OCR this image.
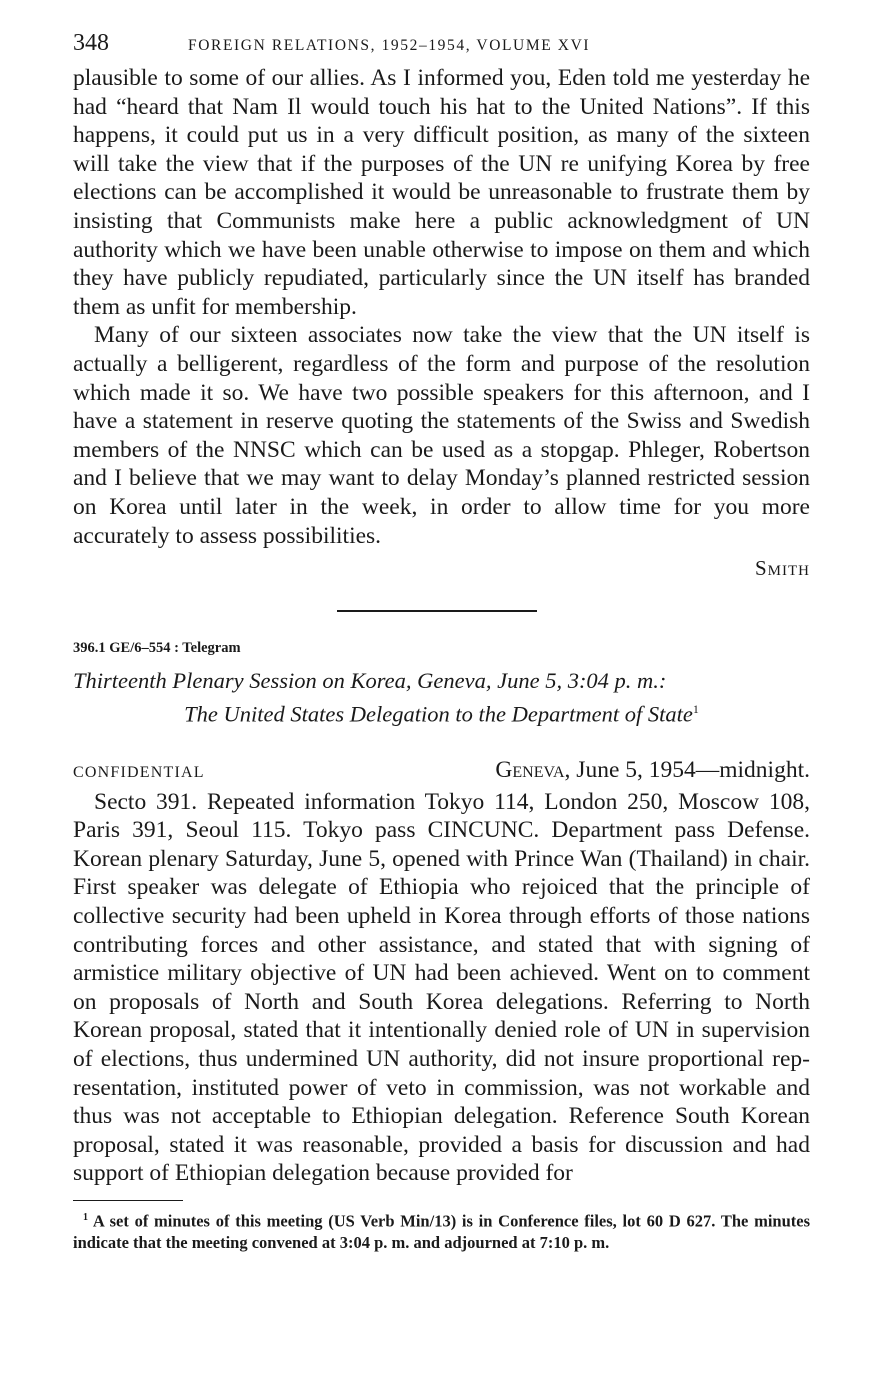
348	FOREIGN RELATIONS, 1952–1954, VOLUME XVI

plausible to some of our allies. As I informed you, Eden told me yesterday he had “heard that Nam Il would touch his hat to the United Nations”. If this happens, it could put us in a very difficult position, as many of the sixteen will take the view that if the purposes of the UN re unifying Korea by free elections can be accomplished it would be unreasonable to frustrate them by insisting that Communists make here a public acknowledgment of UN authority which we have been unable otherwise to impose on them and which they have publicly repudiated, particularly since the UN itself has branded them as unfit for membership.

Many of our sixteen associates now take the view that the UN itself is actually a belligerent, regardless of the form and purpose of the resolution which made it so. We have two possible speakers for this afternoon, and I have a statement in reserve quoting the statements of the Swiss and Swedish members of the NNSC which can be used as a stopgap. Phleger, Robertson and I believe that we may want to delay Monday’s planned restricted session on Korea until later in the week, in order to allow time for you more accurately to assess possibilities.

Smith
396.1 GE/6–554 : Telegram
Thirteenth Plenary Session on Korea, Geneva, June 5, 3:04 p. m.:
The United States Delegation to the Department of State$^1$
CONFIDENTIAL	Geneva, June 5, 1954—midnight.

Secto 391. Repeated information Tokyo 114, London 250, Moscow 108, Paris 391, Seoul 115. Tokyo pass CINCUNC. Department pass Defense. Korean plenary Saturday, June 5, opened with Prince Wan (Thailand) in chair. First speaker was delegate of Ethiopia who rejoiced that the principle of collective security had been upheld in Korea through efforts of those nations contributing forces and other assistance, and stated that with signing of armistice military objective of UN had been achieved. Went on to comment on proposals of North and South Korea delegations. Referring to North Korean proposal, stated that it intentionally denied role of UN in supervision of elections, thus undermined UN authority, did not insure proportional representation, instituted power of veto in commission, was not workable and thus was not acceptable to Ethiopian delegation. Reference South Korean proposal, stated it was reasonable, provided a basis for discussion and had support of Ethiopian delegation because provided for

$^1$ A set of minutes of this meeting (US Verb Min/13) is in Conference files, lot 60 D 627. The minutes indicate that the meeting convened at 3:04 p. m. and adjourned at 7:10 p. m.
